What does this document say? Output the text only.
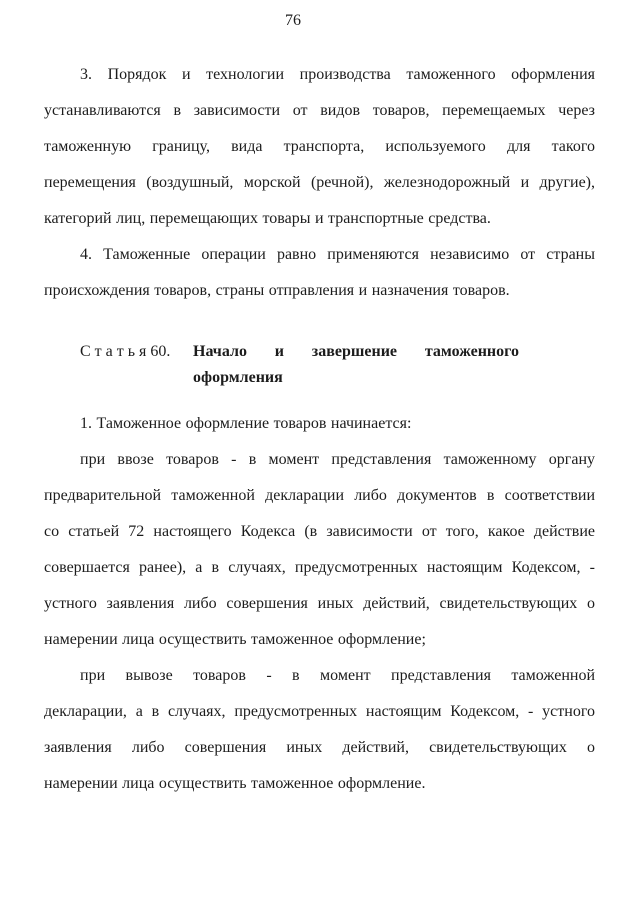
76
3. Порядок и технологии производства таможенного оформления
устанавливаются в зависимости от видов товаров, перемещаемых через
таможенную границу, вида транспорта, используемого для такого
перемещения (воздушный, морской (речной), железнодорожный и другие),
категорий лиц, перемещающих товары и транспортные средства.
4. Таможенные операции равно применяются независимо от страны
происхождения товаров, страны отправления и назначения товаров.
С т а т ь я 60.	Начало и завершение таможенного
оформления
1. Таможенное оформление товаров начинается:
при ввозе товаров - в момент представления таможенному органу
предварительной таможенной декларации либо документов в соответствии
со статьей 72 настоящего Кодекса (в зависимости от того, какое действие
совершается ранее), а в случаях, предусмотренных настоящим Кодексом, -
устного заявления либо совершения иных действий, свидетельствующих о
намерении лица осуществить таможенное оформление;
при вывозе товаров - в момент представления таможенной
декларации, а в случаях, предусмотренных настоящим Кодексом, - устного
заявления либо совершения иных действий, свидетельствующих о
намерении лица осуществить таможенное оформление.
